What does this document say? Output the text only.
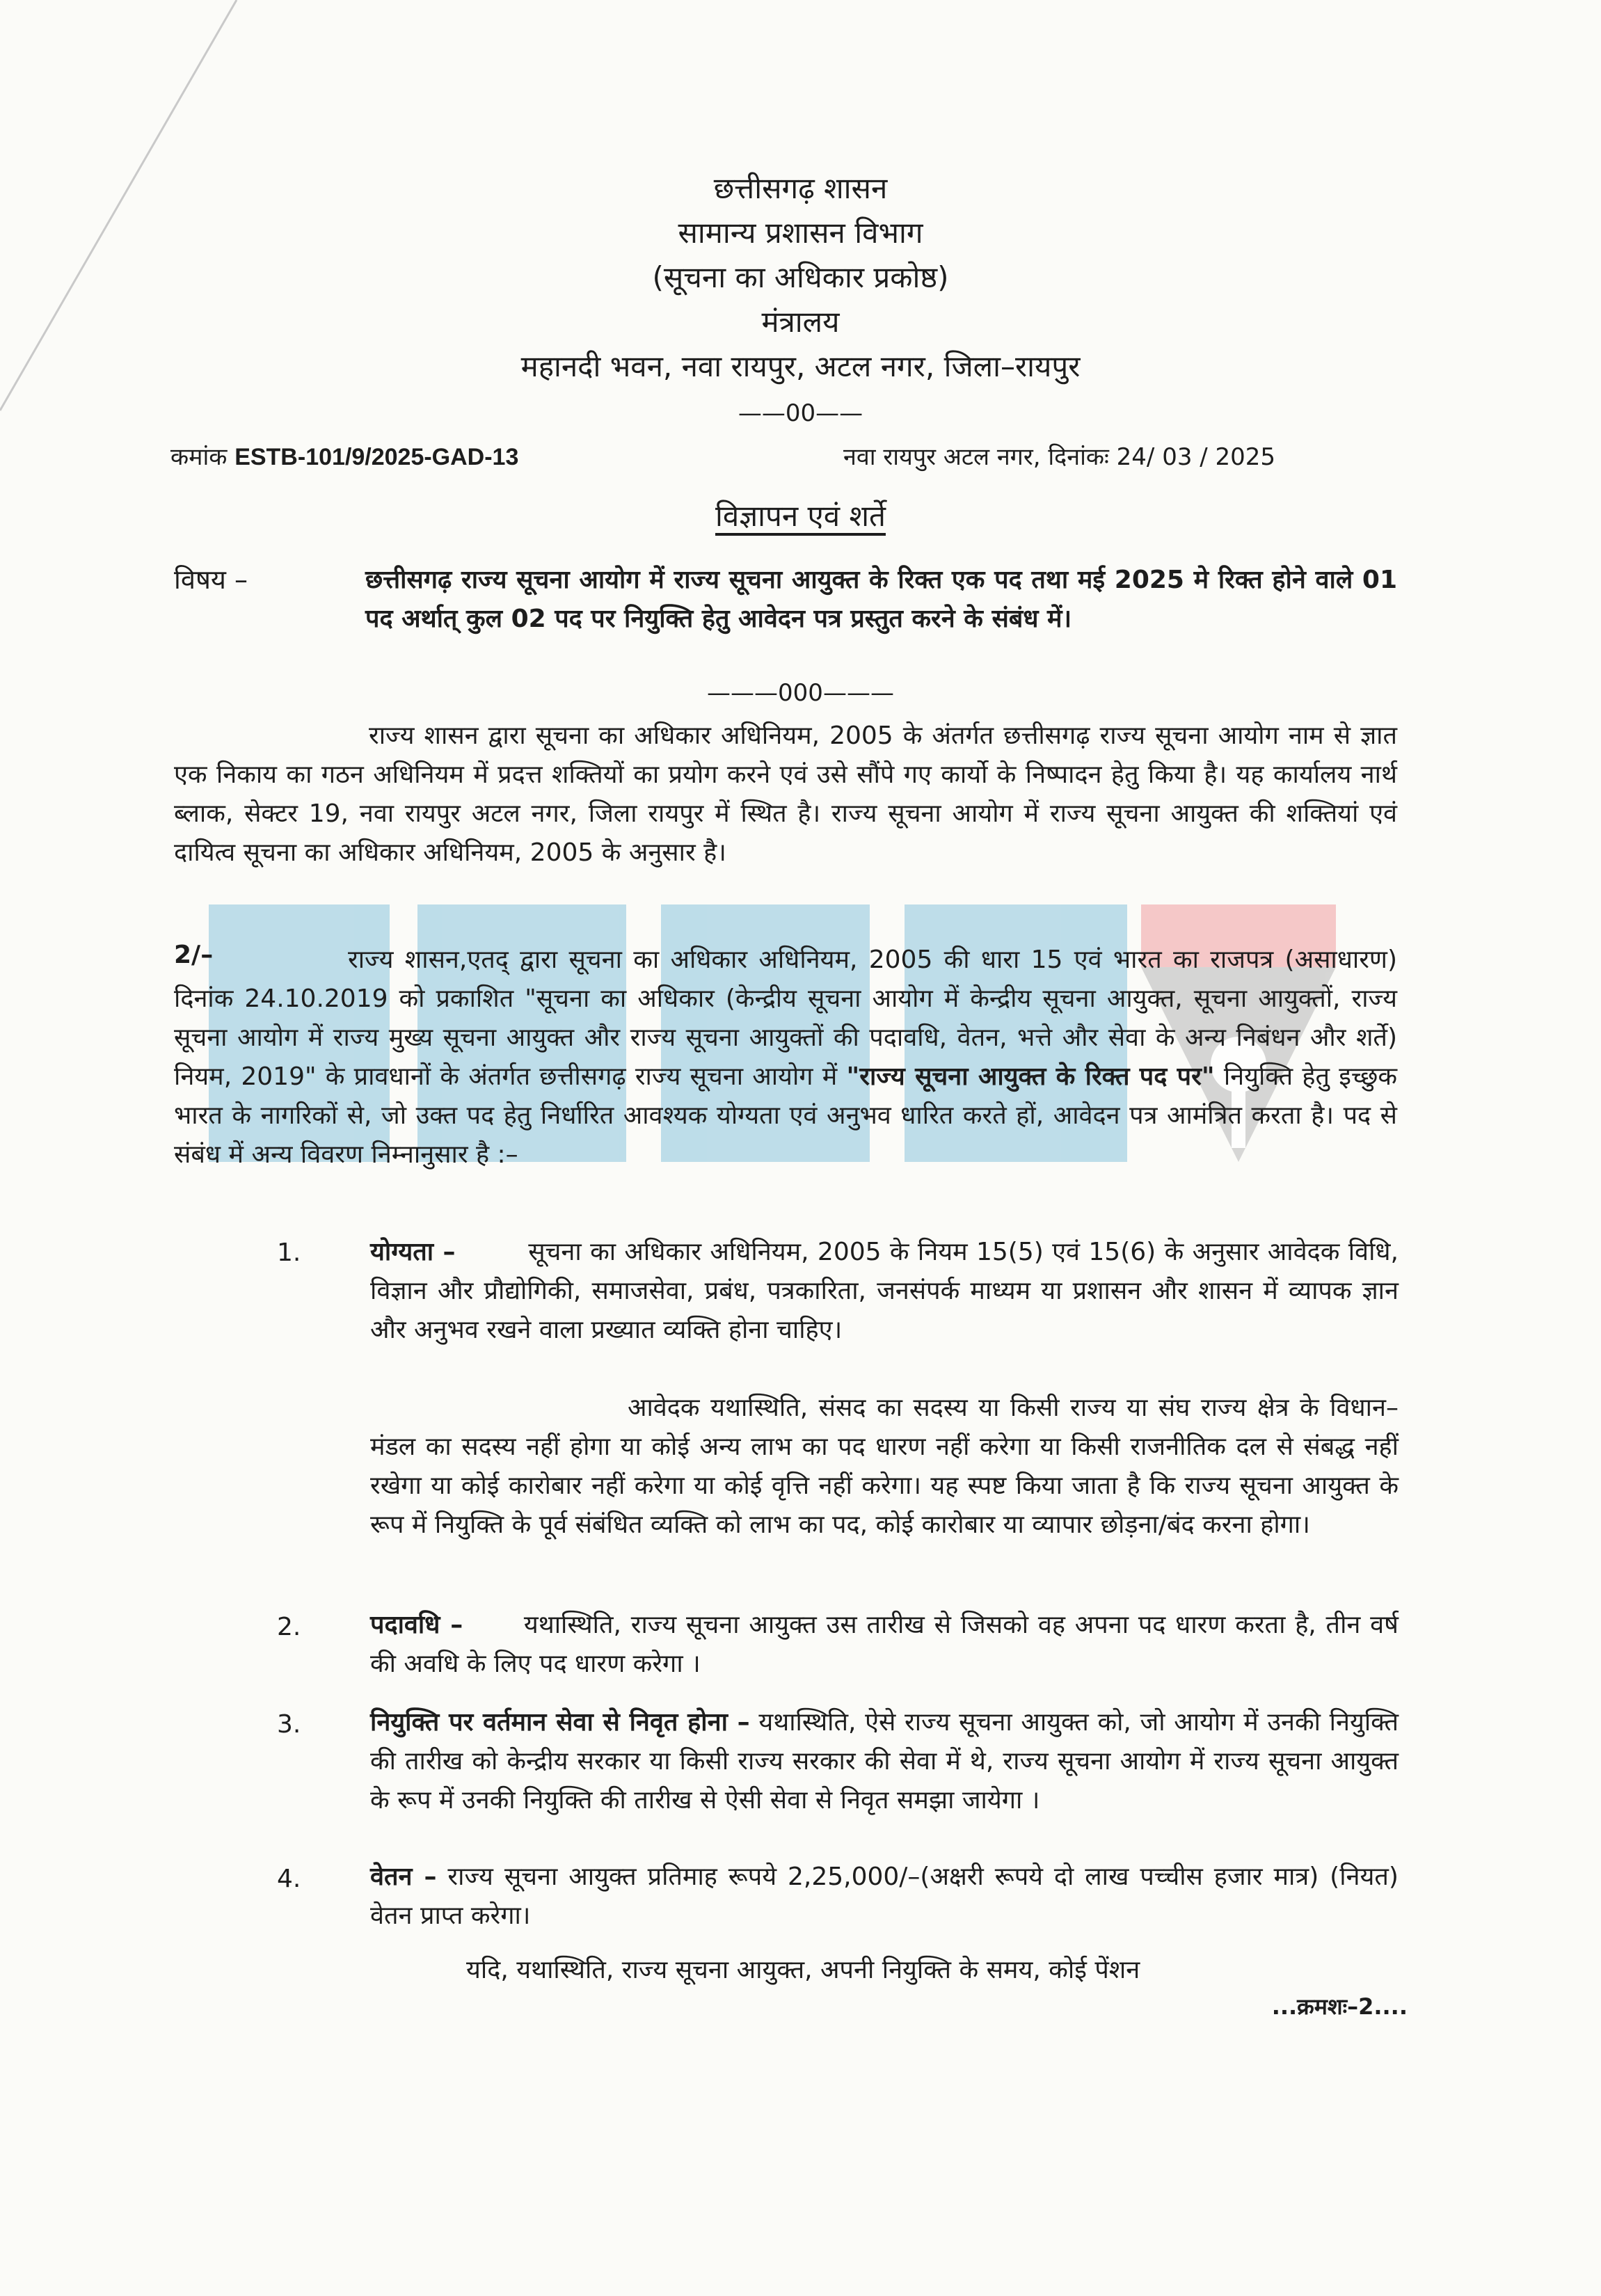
छत्तीसगढ़ शासन
सामान्य प्रशासन विभाग
(सूचना का अधिकार प्रकोष्ठ)
मंत्रालय
महानदी भवन, नवा रायपुर, अटल नगर, जिला–रायपुर
——00——
कमांक ESTB-101/9/2025-GAD-13	नवा रायपुर अटल नगर, दिनांकः 24/ 03 / 2025
विज्ञापन एवं शर्ते
विषय –	छत्तीसगढ़ राज्य सूचना आयोग में राज्य सूचना आयुक्त के रिक्त एक पद तथा मई 2025 मे रिक्त होने वाले 01 पद अर्थात् कुल 02 पद पर नियुक्ति हेतु आवेदन पत्र प्रस्तुत करने के संबंध में।
———000———
राज्य शासन द्वारा सूचना का अधिकार अधिनियम, 2005 के अंतर्गत छत्तीसगढ़ राज्य सूचना आयोग नाम से ज्ञात एक निकाय का गठन अधिनियम में प्रदत्त शक्तियों का प्रयोग करने एवं उसे सौंपे गए कार्यो के निष्पादन हेतु किया है। यह कार्यालय नार्थ ब्लाक, सेक्टर 19, नवा रायपुर अटल नगर, जिला रायपुर में स्थित है। राज्य सूचना आयोग में राज्य सूचना आयुक्त की शक्तियां एवं दायित्व सूचना का अधिकार अधिनियम, 2005 के अनुसार है।
2/–	राज्य शासन,एतद् द्वारा सूचना का अधिकार अधिनियम, 2005 की धारा 15 एवं भारत का राजपत्र (असाधारण) दिनांक 24.10.2019 को प्रकाशित "सूचना का अधिकार (केन्द्रीय सूचना आयोग में केन्द्रीय सूचना आयुक्त, सूचना आयुक्तों, राज्य सूचना आयोग में राज्य मुख्य सूचना आयुक्त और राज्य सूचना आयुक्तों की पदावधि, वेतन, भत्ते और सेवा के अन्य निबंधन और शर्ते) नियम, 2019" के प्रावधानों के अंतर्गत छत्तीसगढ़ राज्य सूचना आयोग में "राज्य सूचना आयुक्त के रिक्त पद पर" नियुक्ति हेतु इच्छुक भारत के नागरिकों से, जो उक्त पद हेतु निर्धारित आवश्यक योग्यता एवं अनुभव धारित करते हों, आवेदन पत्र आमंत्रित करता है। पद से संबंध में अन्य विवरण निम्नानुसार है :–
1.	योग्यता –	सूचना का अधिकार अधिनियम, 2005 के नियम 15(5) एवं 15(6) के अनुसार आवेदक विधि, विज्ञान और प्रौद्योगिकी, समाजसेवा, प्रबंध, पत्रकारिता, जनसंपर्क माध्यम या प्रशासन और शासन में व्यापक ज्ञान और अनुभव रखने वाला प्रख्यात व्यक्ति होना चाहिए।
आवेदक यथास्थिति, संसद का सदस्य या किसी राज्य या संघ राज्य क्षेत्र के विधान–मंडल का सदस्य नहीं होगा या कोई अन्य लाभ का पद धारण नहीं करेगा या किसी राजनीतिक दल से संबद्ध नहीं रखेगा या कोई कारोबार नहीं करेगा या कोई वृत्ति नहीं करेगा। यह स्पष्ट किया जाता है कि राज्य सूचना आयुक्त के रूप में नियुक्ति के पूर्व संबंधित व्यक्ति को लाभ का पद, कोई कारोबार या व्यापार छोड़ना/बंद करना होगा।
2.	पदावधि – यथास्थिति, राज्य सूचना आयुक्त उस तारीख से जिसको वह अपना पद धारण करता है, तीन वर्ष की अवधि के लिए पद धारण करेगा ।
3.	नियुक्ति पर वर्तमान सेवा से निवृत होना – यथास्थिति, ऐसे राज्य सूचना आयुक्त को, जो आयोग में उनकी नियुक्ति की तारीख को केन्द्रीय सरकार या किसी राज्य सरकार की सेवा में थे, राज्य सूचना आयोग में राज्य सूचना आयुक्त के रूप में उनकी नियुक्ति की तारीख से ऐसी सेवा से निवृत समझा जायेगा ।
4.	वेतन – राज्य सूचना आयुक्त प्रतिमाह रूपये 2,25,000/–(अक्षरी रूपये दो लाख पच्चीस हजार मात्र) (नियत) वेतन प्राप्त करेगा।
यदि, यथास्थिति, राज्य सूचना आयुक्त, अपनी नियुक्ति के समय, कोई पेंशन
...क्रमशः–2....
